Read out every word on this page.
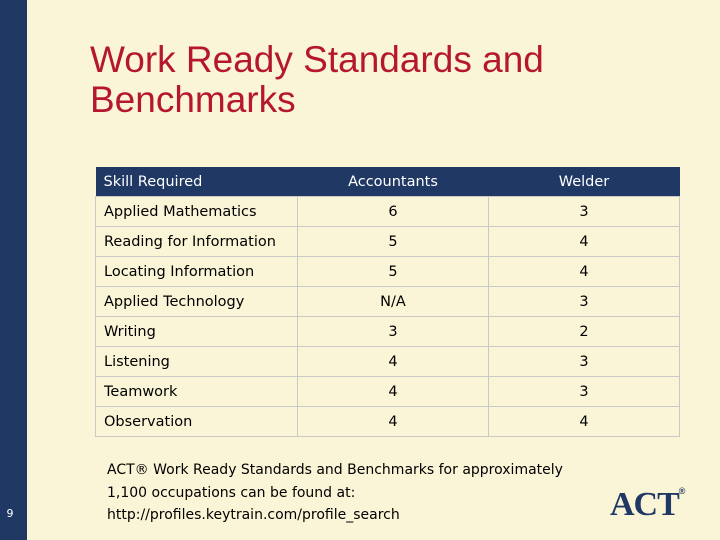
9
Work Ready Standards and Benchmarks
Skill Required	Accountants	Welder
Applied Mathematics	6	3
Reading for Information	5	4
Locating Information	5	4
Applied Technology	N/A	3
Writing	3	2
Listening	4	3
Teamwork	4	3
Observation	4	4
ACT® Work Ready Standards and Benchmarks for approximately
1,100 occupations can be found at:
http://profiles.keytrain.com/profile_search	ACT®
